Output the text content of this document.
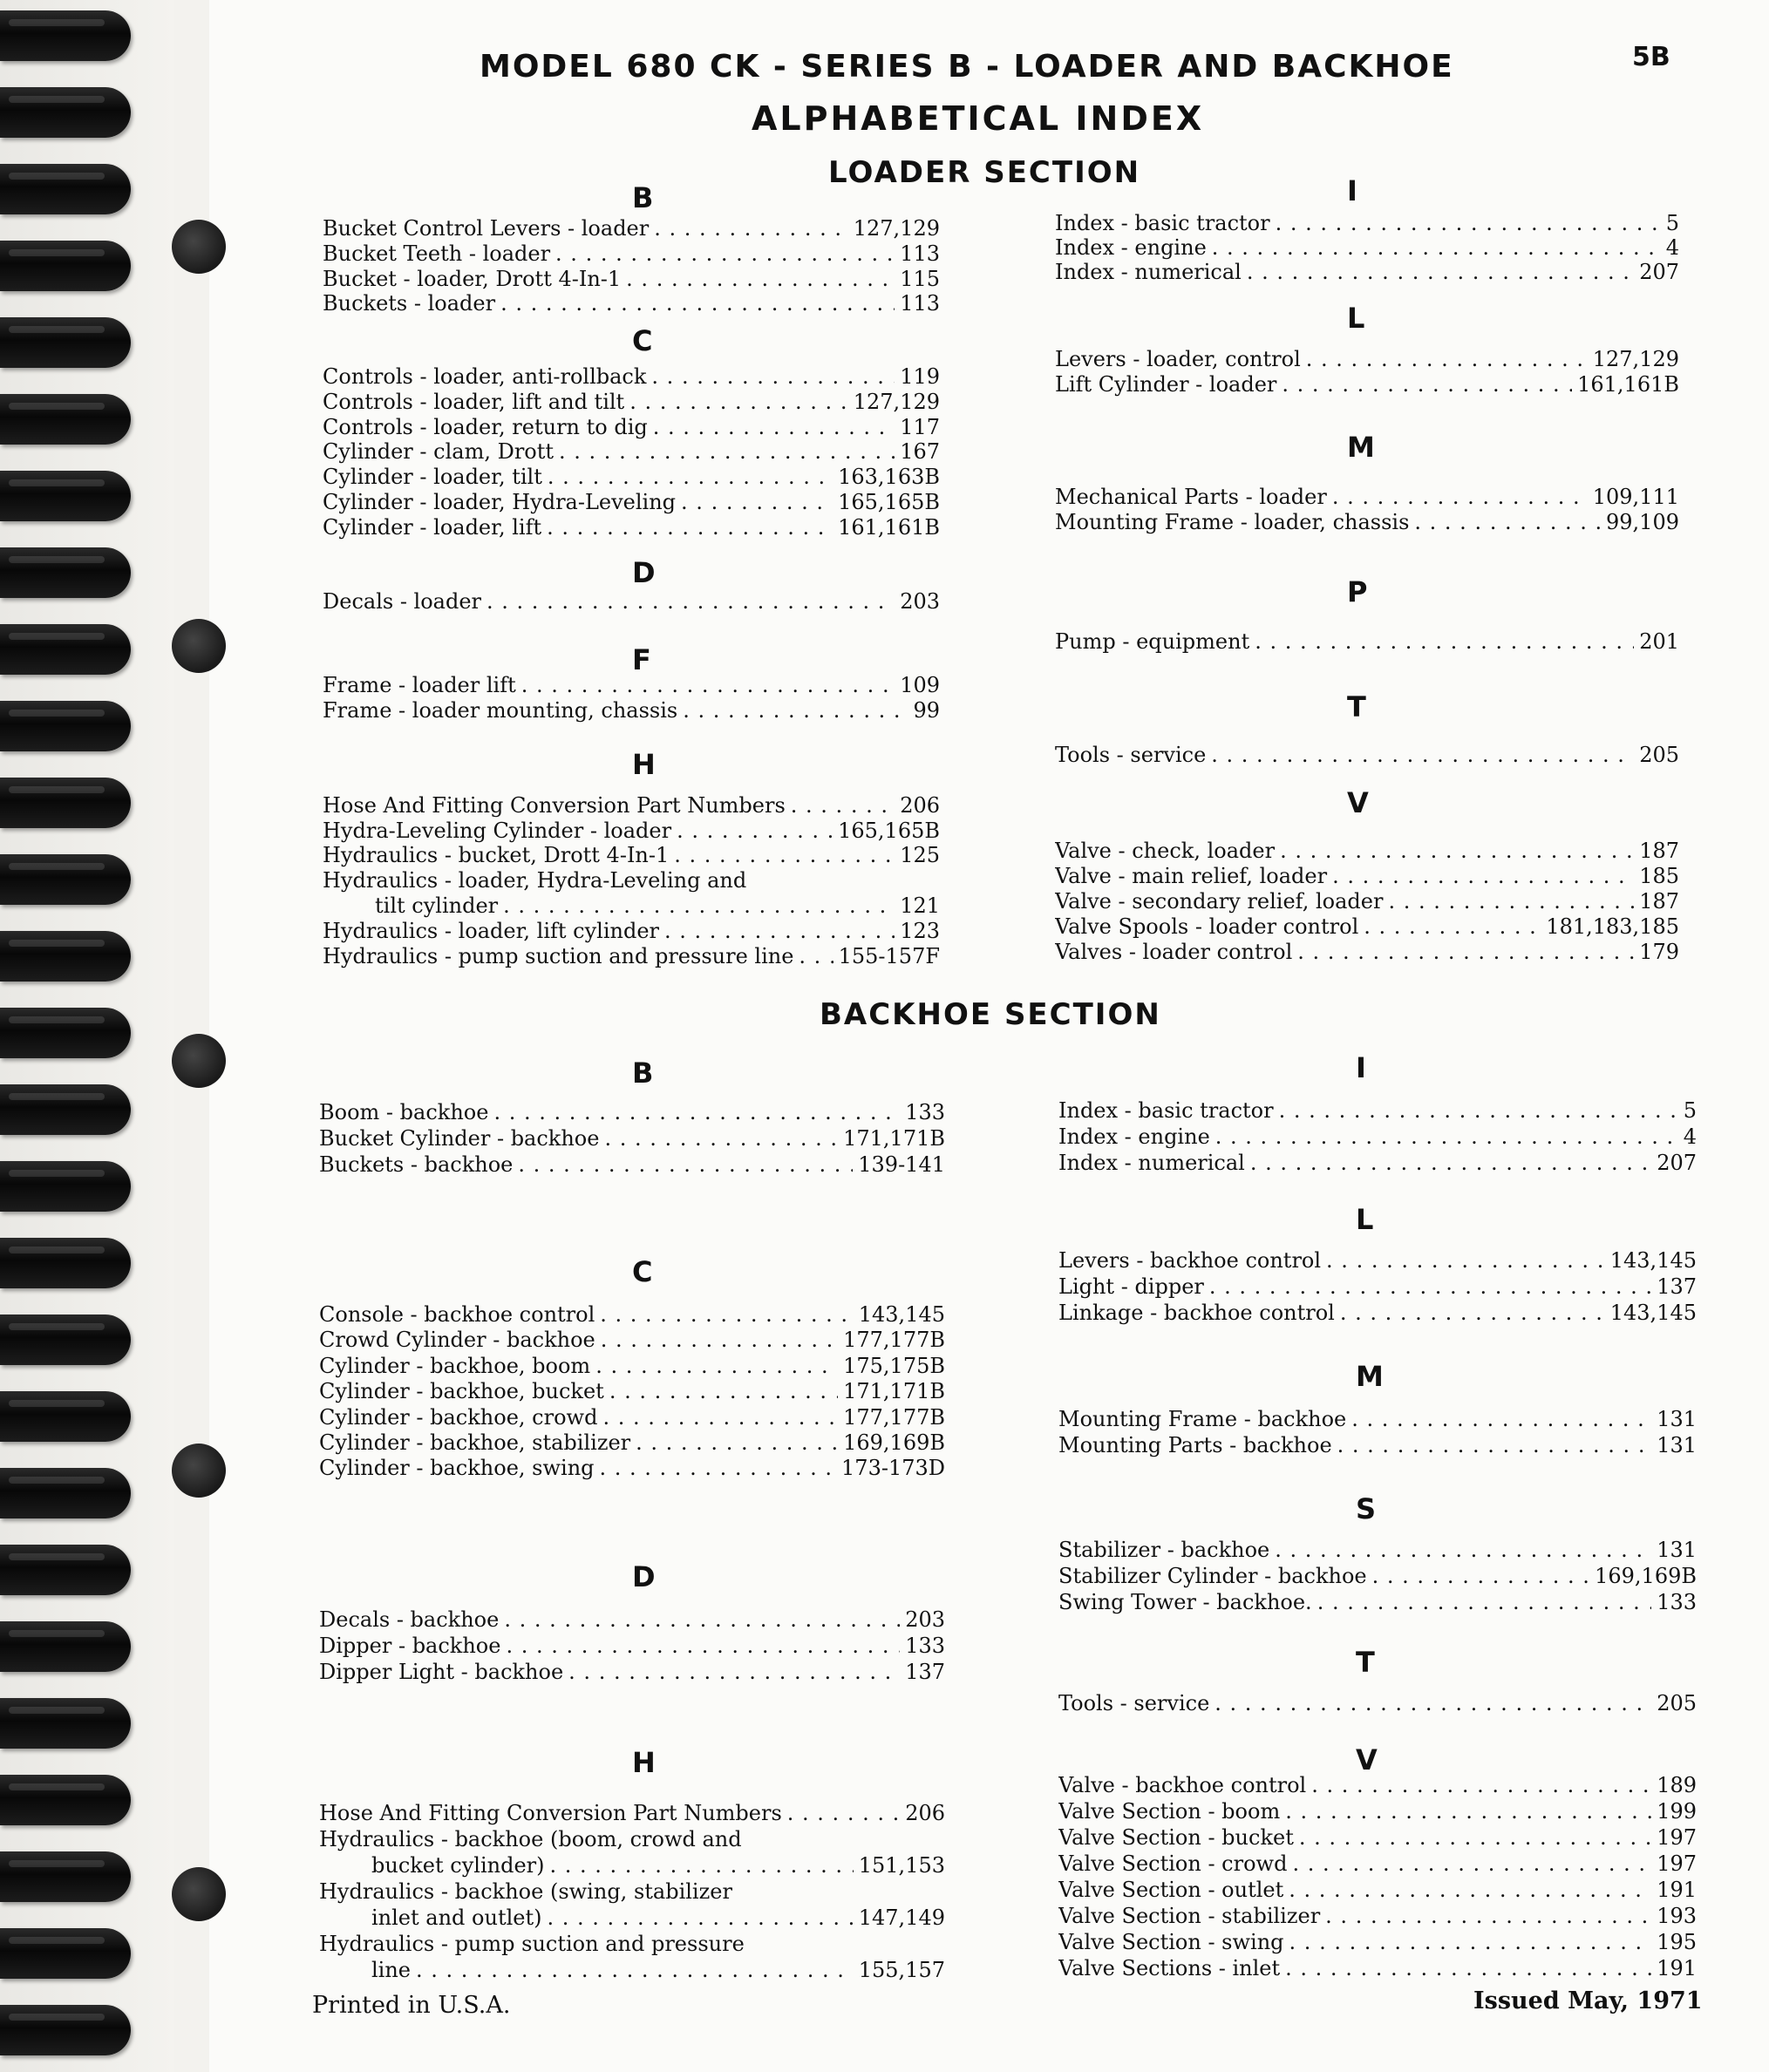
MODEL 680 CK - SERIES B - LOADER AND BACKHOE	5B
ALPHABETICAL INDEX
LOADER SECTION
BACKHOE SECTION
B
Bucket Control Levers - loader . . .	127,129
Bucket Teeth - loader . . .	113
Bucket - loader, Drott 4-In-1 . . .	115
Buckets - loader . . .	113
C
Controls - loader, anti-rollback . . .	119
Controls - loader, lift and tilt . . .	127,129
Controls - loader, return to dig . . .	117
Cylinder - clam, Drott . . .	167
Cylinder - loader, tilt . . .	163,163B
Cylinder - loader, Hydra-Leveling . . .	165,165B
Cylinder - loader, lift . . .	161,161B
D
Decals - loader . . .	203
F
Frame - loader lift . . .	109
Frame - loader mounting, chassis . . .	99
H
Hose And Fitting Conversion Part Numbers . . .	206
Hydra-Leveling Cylinder - loader . . .	165,165B
Hydraulics - bucket, Drott 4-In-1 . . .	125
Hydraulics - loader, Hydra-Leveling and
tilt cylinder . . .	121
Hydraulics - loader, lift cylinder . . .	123
Hydraulics - pump suction and pressure line . . . 155-157F
I
Index - basic tractor . . .	5
Index - engine . . .	4
Index - numerical . . .	207
L
Levers - loader, control . . .	127,129
Lift Cylinder - loader . . .	161,161B
M
Mechanical Parts - loader . . .	109,111
Mounting Frame - loader, chassis . . .	99,109
P
Pump - equipment . . .	201
T
Tools - service . . .	205
V
Valve - check, loader . . .	187
Valve - main relief, loader . . .	185
Valve - secondary relief, loader . . .	187
Valve Spools - loader control . . .	181,183,185
Valves - loader control . . .	179
B
Boom - backhoe . . .	133
Bucket Cylinder - backhoe . . .	171,171B
Buckets - backhoe . . .	139-141
C
Console - backhoe control . . .	143,145
Crowd Cylinder - backhoe . . .	177,177B
Cylinder - backhoe, boom . . .	175,175B
Cylinder - backhoe, bucket . . .	171,171B
Cylinder - backhoe, crowd . . .	177,177B
Cylinder - backhoe, stabilizer . . .	169,169B
Cylinder - backhoe, swing . . .	173-173D
D
Decals - backhoe . . .	203
Dipper - backhoe . . .	133
Dipper Light - backhoe . . .	137
H
Hose And Fitting Conversion Part Numbers . . .	206
Hydraulics - backhoe (boom, crowd and
bucket cylinder) . . .	151,153
Hydraulics - backhoe (swing, stabilizer
inlet and outlet) . . .	147,149
Hydraulics - pump suction and pressure
line . . .	155,157
I
Index - basic tractor . . .	5
Index - engine . . .	4
Index - numerical . . .	207
L
Levers - backhoe control . . .	143,145
Light - dipper . . .	137
Linkage - backhoe control . . .	143,145
M
Mounting Frame - backhoe . . .	131
Mounting Parts - backhoe . . .	131
S
Stabilizer - backhoe . . .	131
Stabilizer Cylinder - backhoe . . .	169,169B
Swing Tower - backhoe. . . .	133
T
Tools - service . . .	205
V
Valve - backhoe control . . .	189
Valve Section - boom . . .	199
Valve Section - bucket . . .	197
Valve Section - crowd . . .	197
Valve Section - outlet . . .	191
Valve Section - stabilizer . . .	193
Valve Section - swing . . .	195
Valve Sections - inlet . . .	191
Printed in U.S.A.	Issued May, 1971
